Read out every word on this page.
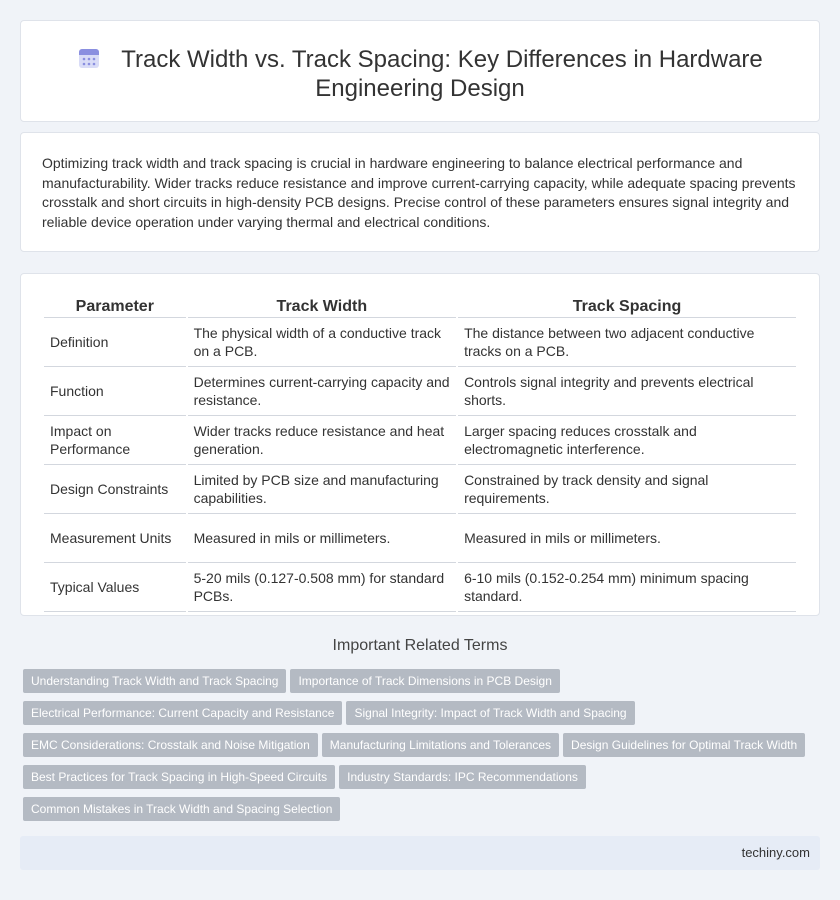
Track Width vs. Track Spacing: Key Differences in Hardware Engineering Design

Optimizing track width and track spacing is crucial in hardware engineering to balance electrical performance and manufacturability. Wider tracks reduce resistance and improve current-carrying capacity, while adequate spacing prevents crosstalk and short circuits in high-density PCB designs. Precise control of these parameters ensures signal integrity and reliable device operation under varying thermal and electrical conditions.

Parameter	Track Width	Track Spacing
Definition	The physical width of a conductive track on a PCB.	The distance between two adjacent conductive tracks on a PCB.
Function	Determines current-carrying capacity and resistance.	Controls signal integrity and prevents electrical shorts.
Impact on Performance	Wider tracks reduce resistance and heat generation.	Larger spacing reduces crosstalk and electromagnetic interference.
Design Constraints	Limited by PCB size and manufacturing capabilities.	Constrained by track density and signal requirements.
Measurement Units	Measured in mils or millimeters.	Measured in mils or millimeters.
Typical Values	5-20 mils (0.127-0.508 mm) for standard PCBs.	6-10 mils (0.152-0.254 mm) minimum spacing standard.
Important Related Terms
Understanding Track Width and Track Spacing Importance of Track Dimensions in PCB Design
Electrical Performance: Current Capacity and Resistance Signal Integrity: Impact of Track Width and Spacing
EMC Considerations: Crosstalk and Noise Mitigation Manufacturing Limitations and Tolerances Design Guidelines for Optimal Track Width
Best Practices for Track Spacing in High-Speed Circuits Industry Standards: IPC Recommendations
Common Mistakes in Track Width and Spacing Selection
techiny.com
